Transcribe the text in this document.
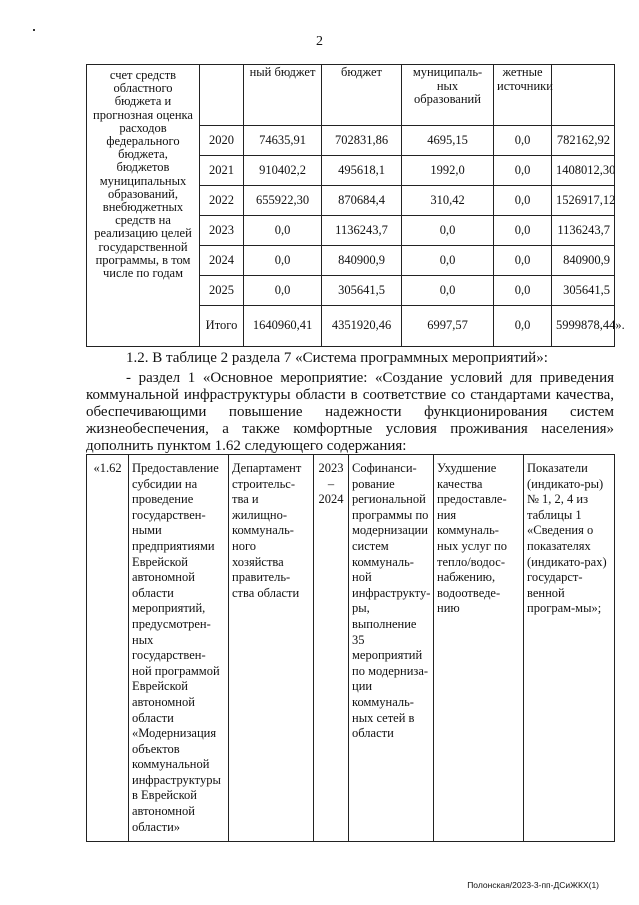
2
счет средств областного бюджета и прогнозная оценка расходов федерального бюджета, бюджетов муниципальных образований, внебюджетных средств на реализацию целей государственной программы, в том числе по годам		ный бюджет	бюджет	муниципаль-ных образований	жетные источники	
	2020	74635,91	702831,86	4695,15	0,0	782162,92
	2021	910402,2	495618,1	1992,0	0,0	1408012,30
	2022	655922,30	870684,4	310,42	0,0	1526917,12
	2023	0,0	1136243,7	0,0	0,0	1136243,7
	2024	0,0	840900,9	0,0	0,0	840900,9
	2025	0,0	305641,5	0,0	0,0	305641,5
	Итого	1640960,41	4351920,46	6997,57	0,0	5999878,44».
1.2. В таблице 2 раздела 7 «Система программных мероприятий»:
- раздел 1 «Основное мероприятие: «Создание условий для приведения коммунальной инфраструктуры области в соответствие со стандартами качества, обеспечивающими повышение надежности функционирования систем жизнеобеспечения, а также комфортные условия проживания населения» дополнить пунктом 1.62 следующего содержания:
«1.62	Предоставление субсидии на проведение государствен-ными предприятиями Еврейской автономной области мероприятий, предусмотрен-ных государствен-ной программой Еврейской автономной области «Модернизация объектов коммунальной инфраструктуры в Еврейской автономной области»	Департамент строительс-тва и жилищно-коммуналь-ного хозяйства правитель-ства области	2023 – 2024	Софинанси-рование региональной программы по модернизации систем коммуналь-ной инфраструкту-ры, выполнение 35 мероприятий по модерниза-ции коммуналь-ных сетей в области	Ухудшение качества предоставле-ния коммуналь-ных услуг по тепло/водос-набжению, водоотведе-нию	Показатели (индикато-ры) № 1, 2, 4 из таблицы 1 «Сведения о показателях (индикато-рах) государст-венной програм-мы»;
Полонская/2023-3-пп-ДСиЖКХ(1)
